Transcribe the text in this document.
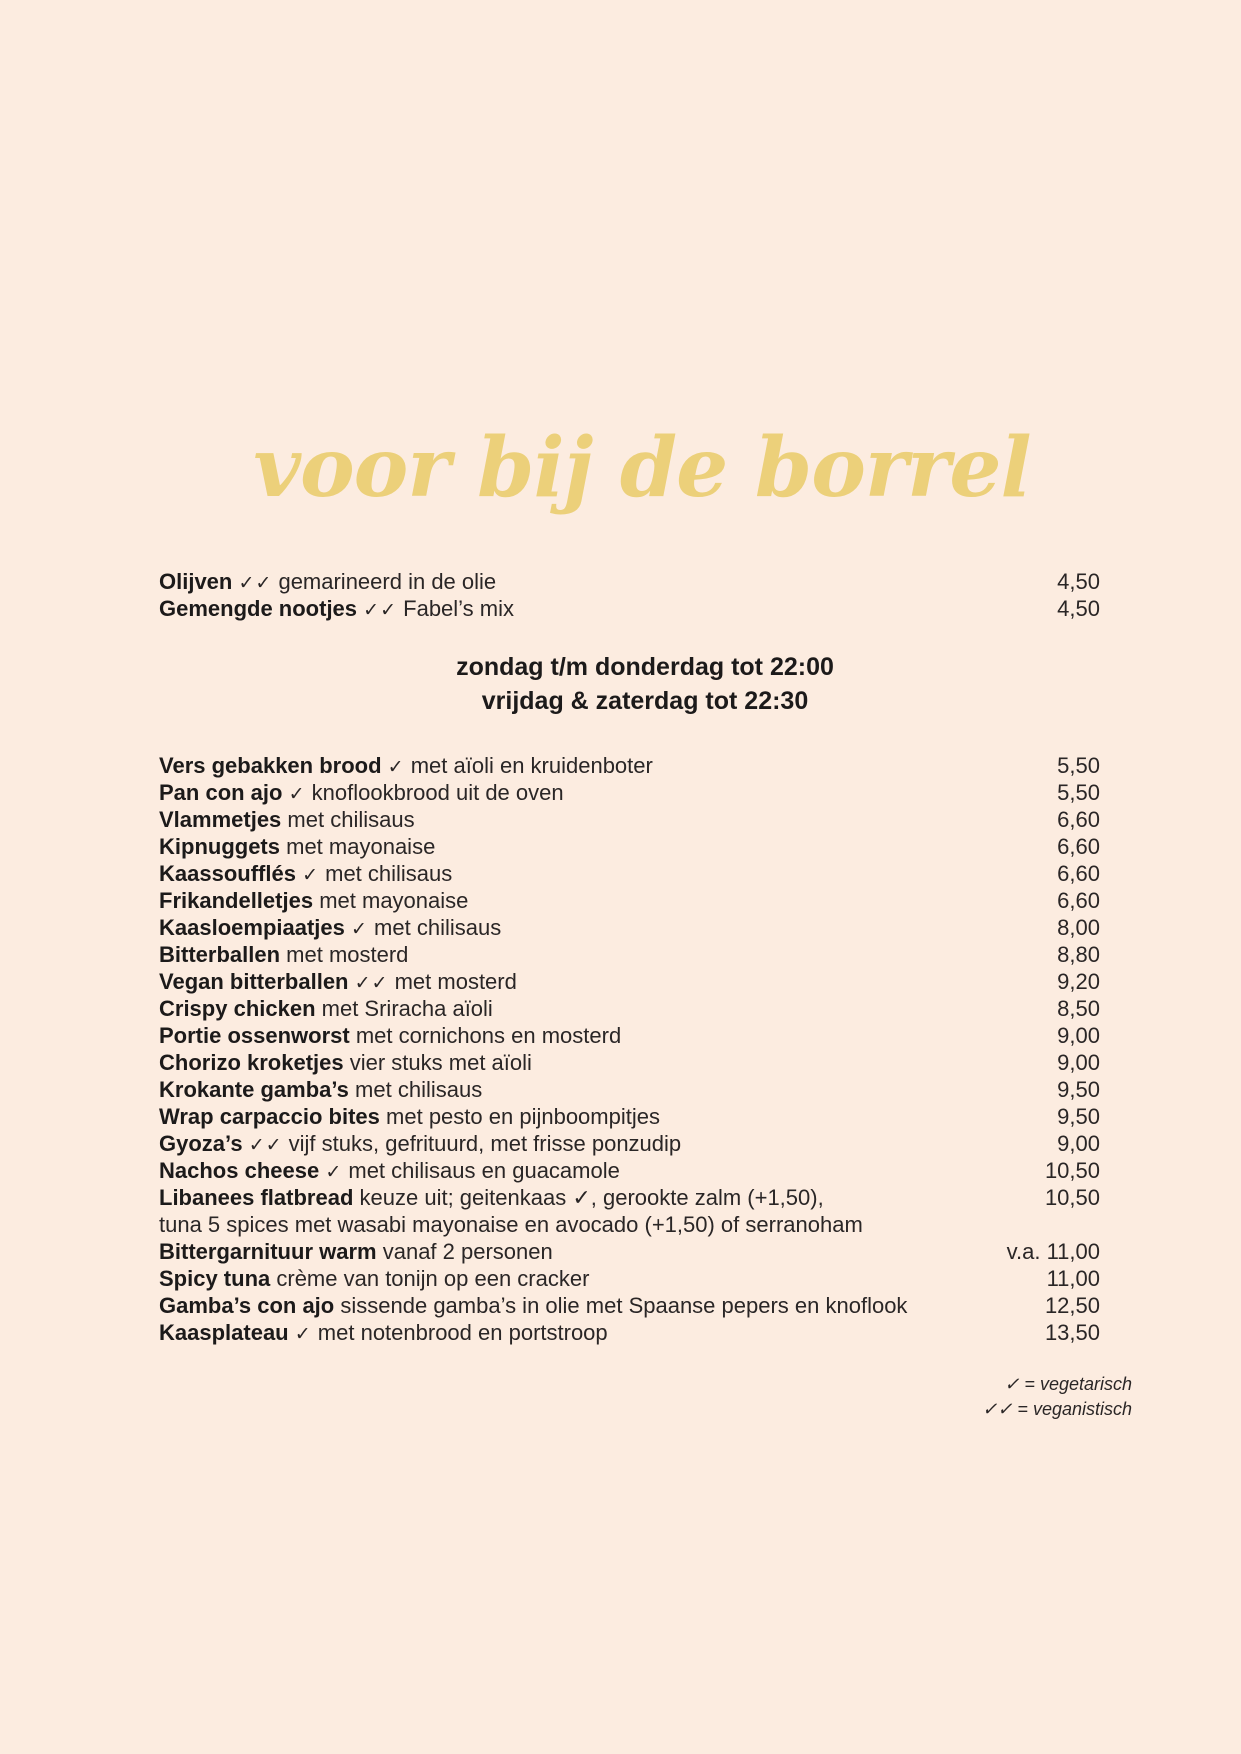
voor bij de borrel
Olijven ✓✓ gemarineerd in de olie	4,50
Gemengde nootjes ✓✓ Fabel’s mix	4,50
zondag t/m donderdag tot 22:00
vrijdag & zaterdag tot 22:30
Vers gebakken brood ✓ met aïoli en kruidenboter	5,50
Pan con ajo ✓ knoflookbrood uit de oven	5,50
Vlammetjes met chilisaus	6,60
Kipnuggets met mayonaise	6,60
Kaassoufflés ✓ met chilisaus	6,60
Frikandelletjes met mayonaise	6,60
Kaasloempiaatjes ✓ met chilisaus	8,00
Bitterballen met mosterd	8,80
Vegan bitterballen ✓✓ met mosterd	9,20
Crispy chicken met Sriracha aïoli	8,50
Portie ossenworst met cornichons en mosterd	9,00
Chorizo kroketjes vier stuks met aïoli	9,00
Krokante gamba’s met chilisaus	9,50
Wrap carpaccio bites met pesto en pijnboompitjes	9,50
Gyoza’s ✓✓ vijf stuks, gefrituurd, met frisse ponzudip	9,00
Nachos cheese ✓ met chilisaus en guacamole	10,50
Libanees flatbread keuze uit; geitenkaas ✓, gerookte zalm (+1,50),	10,50
tuna 5 spices met wasabi mayonaise en avocado (+1,50) of serranoham
Bittergarnituur warm vanaf 2 personen	v.a. 11,00
Spicy tuna crème van tonijn op een cracker	11,00
Gamba’s con ajo sissende gamba’s in olie met Spaanse pepers en knoflook	12,50
Kaasplateau ✓ met notenbrood en portstroop	13,50
✓ = vegetarisch
✓✓ = veganistisch
